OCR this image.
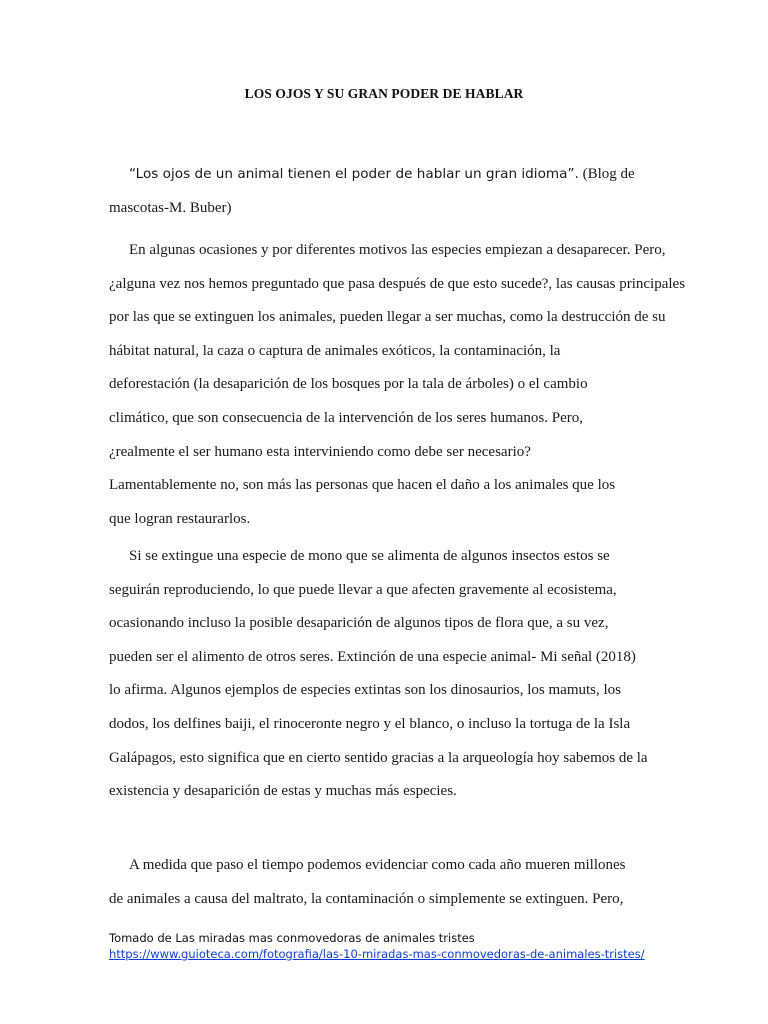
LOS OJOS Y SU GRAN PODER DE HABLAR
“Los ojos de un animal tienen el poder de hablar un gran idioma”. (Blog de
mascotas-M. Buber)
En algunas ocasiones y por diferentes motivos las especies empiezan a desaparecer. Pero,
¿alguna vez nos hemos preguntado que pasa después de que esto sucede?, las causas principales
por las que se extinguen los animales, pueden llegar a ser muchas, como la destrucción de su
hábitat natural, la caza o captura de animales exóticos, la contaminación, la
deforestación (la desaparición de los bosques por la tala de árboles) o el cambio
climático, que son consecuencia de la intervención de los seres humanos. Pero,
¿realmente el ser humano esta interviniendo como debe ser necesario?
Lamentablemente no, son más las personas que hacen el daño a los animales que los
que logran restaurarlos.
Si se extingue una especie de mono que se alimenta de algunos insectos estos se
seguirán reproduciendo, lo que puede llevar a que afecten gravemente al ecosistema,
ocasionando incluso la posible desaparición de algunos tipos de flora que, a su vez,
pueden ser el alimento de otros seres. Extinción de una especie animal- Mi señal (2018)
lo afirma. Algunos ejemplos de especies extintas son los dinosaurios, los mamuts, los
dodos, los delfines baiji, el rinoceronte negro y el blanco, o incluso la tortuga de la Isla
Galápagos, esto significa que en cierto sentido gracias a la arqueología hoy sabemos de la
existencia y desaparición de estas y muchas más especies.
A medida que paso el tiempo podemos evidenciar como cada año mueren millones
de animales a causa del maltrato, la contaminación o simplemente se extinguen. Pero,
Tomado de Las miradas mas conmovedoras de animales tristes
https://www.guioteca.com/fotografia/las-10-miradas-mas-conmovedoras-de-animales-tristes/
